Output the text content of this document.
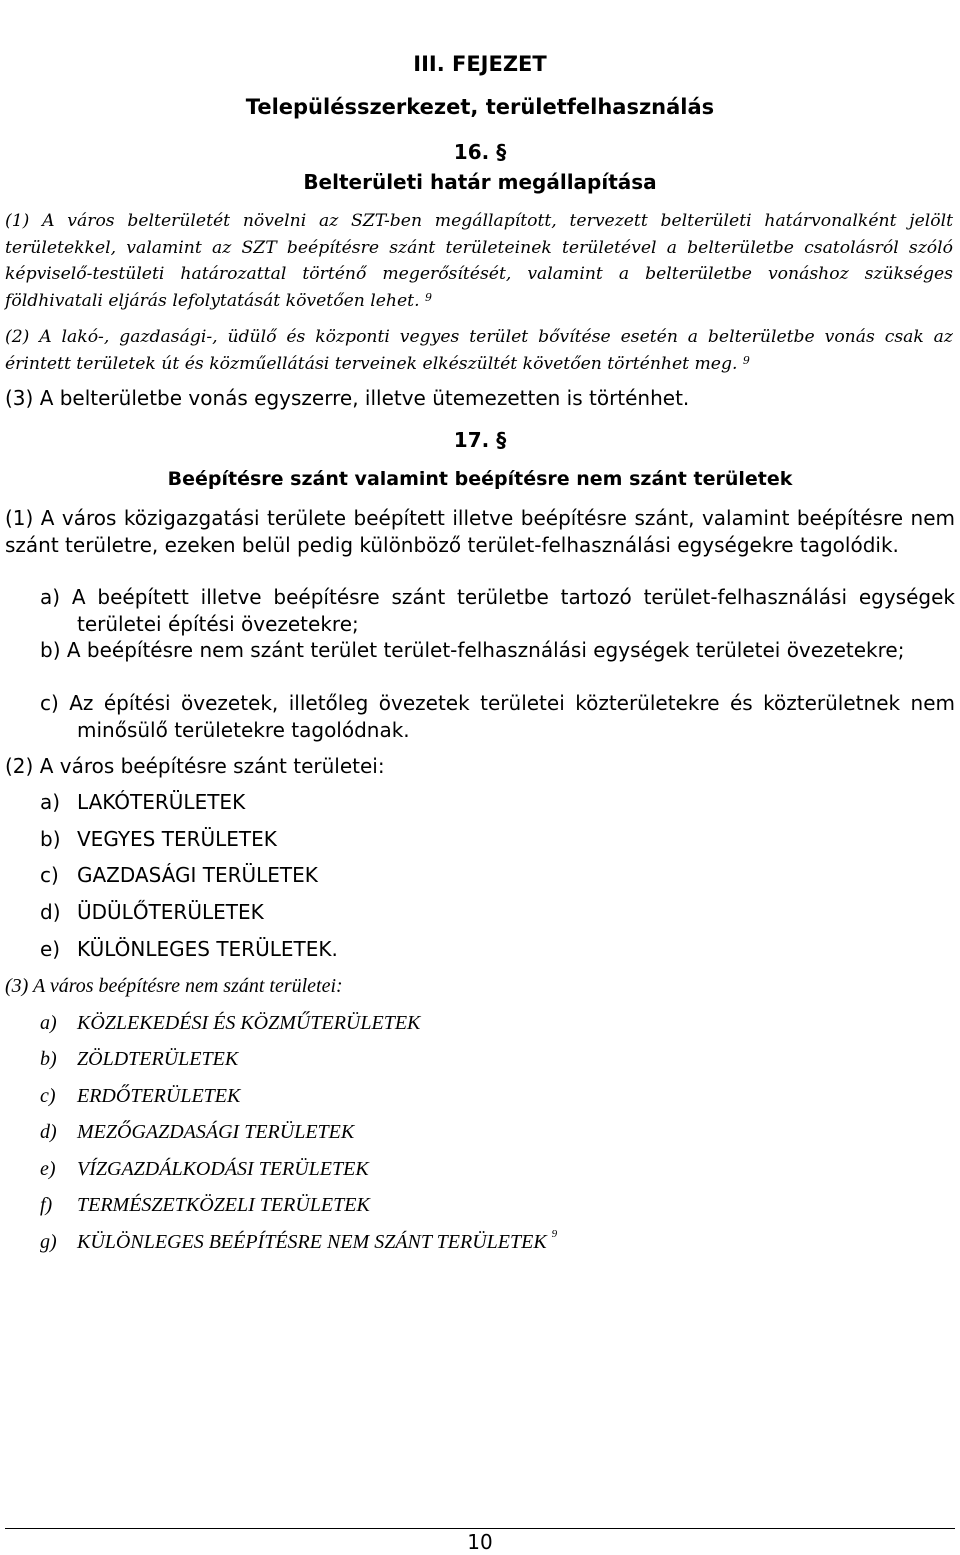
III. FEJEZET
Településszerkezet, területfelhasználás
16. §
Belterületi határ megállapítása
(1) A város belterületét növelni az SZT-ben megállapított, tervezett belterületi határvonalként jelölt területekkel, valamint az SZT beépítésre szánt területeinek területével a belterületbe csatolásról szóló képviselő-testületi határozattal történő megerősítését, valamint a belterületbe vonáshoz szükséges földhivatali eljárás lefolytatását követően lehet. $^9$
(2) A lakó-, gazdasági-, üdülő és központi vegyes terület bővítése esetén a belterületbe vonás csak az érintett területek út és közműellátási terveinek elkészültét követően történhet meg. $^9$
(3) A belterületbe vonás egyszerre, illetve ütemezetten is történhet.
17. §
Beépítésre szánt valamint beépítésre nem szánt területek
(1) A város közigazgatási területe beépített illetve beépítésre szánt, valamint beépítésre nem szánt területre, ezeken belül pedig különböző terület-felhasználási egységekre tagolódik.
a) A beépített illetve beépítésre szánt területbe tartozó terület-felhasználási egységek területei építési övezetekre;
b) A beépítésre nem szánt terület terület-felhasználási egységek területei övezetekre;
c) Az építési övezetek, illetőleg övezetek területei közterületekre és közterületnek nem minősülő területekre tagolódnak.
(2) A város beépítésre szánt területei:
a) LAKÓTERÜLETEK
b) VEGYES TERÜLETEK
c) GAZDASÁGI TERÜLETEK
d) ÜDÜLŐTERÜLETEK
e) KÜLÖNLEGES TERÜLETEK.
(3) A város beépítésre nem szánt területei:
a) KÖZLEKEDÉSI ÉS KÖZMŰTERÜLETEK
b) ZÖLDTERÜLETEK
c) ERDŐTERÜLETEK
d) MEZŐGAZDASÁGI TERÜLETEK
e) VÍZGAZDÁLKODÁSI TERÜLETEK
f) TERMÉSZETKÖZELI TERÜLETEK
g) KÜLÖNLEGES BEÉPÍTÉSRE NEM SZÁNT TERÜLETEK $^9$
10
